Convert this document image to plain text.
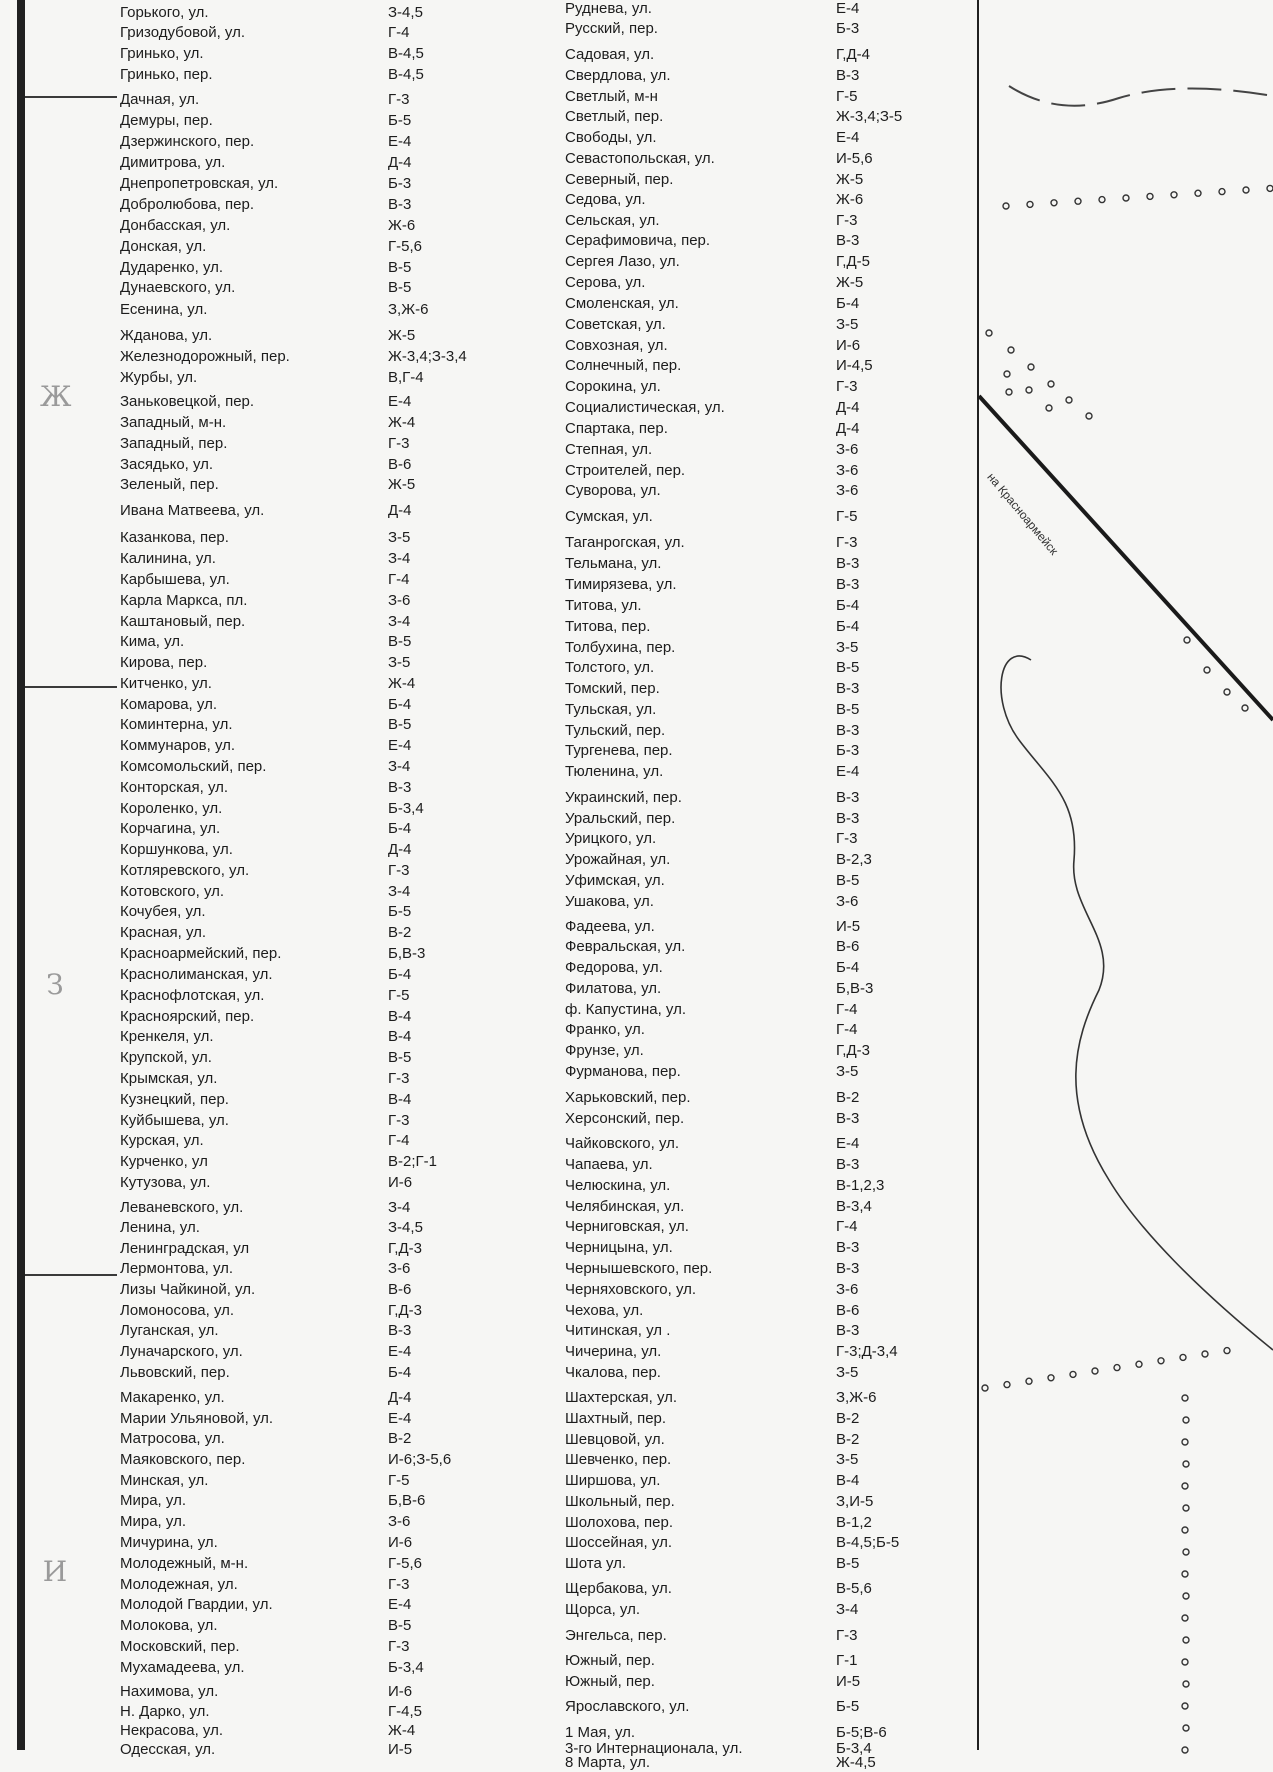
Ж
З
И
Горького, ул.	З-4,5
Гризодубовой, ул.	Г-4
Гринько, ул.	В-4,5
Гринько, пер.	В-4,5
Дачная, ул.	Г-3
Демуры, пер.	Б-5
Дзержинского, пер.	Е-4
Димитрова, ул.	Д-4
Днепропетровская, ул.	Б-3
Добролюбова, пер.	В-3
Донбасская, ул.	Ж-6
Донская, ул.	Г-5,6
Дударенко, ул.	В-5
Дунаевского, ул.	В-5
Есенина, ул.	З,Ж-6
Жданова, ул.	Ж-5
Железнодорожный, пер.	Ж-3,4;З-3,4
Журбы, ул.	В,Г-4
Заньковецкой, пер.	Е-4
Западный, м-н.	Ж-4
Западный, пер.	Г-3
Засядько, ул.	В-6
Зеленый, пер.	Ж-5
Ивана Матвеева, ул.	Д-4
Казанкова, пер.	З-5
Калинина, ул.	З-4
Карбышева, ул.	Г-4
Карла Маркса, пл.	З-6
Каштановый, пер.	З-4
Кима, ул.	В-5
Кирова, пер.	З-5
Китченко, ул.	Ж-4
Комарова, ул.	Б-4
Коминтерна, ул.	В-5
Коммунаров, ул.	Е-4
Комсомольский, пер.	З-4
Конторская, ул.	В-3
Короленко, ул.	Б-3,4
Корчагина, ул.	Б-4
Коршункова, ул.	Д-4
Котляревского, ул.	Г-3
Котовского, ул.	З-4
Кочубея, ул.	Б-5
Красная, ул.	В-2
Красноармейский, пер.	Б,В-3
Краснолиманская, ул.	Б-4
Краснофлотская, ул.	Г-5
Красноярский, пер.	В-4
Кренкеля, ул.	В-4
Крупской, ул.	В-5
Крымская, ул.	Г-3
Кузнецкий, пер.	В-4
Куйбышева, ул.	Г-3
Курская, ул.	Г-4
Курченко, ул	В-2;Г-1
Кутузова, ул.	И-6
Леваневского, ул.	З-4
Ленина, ул.	З-4,5
Ленинградская, ул	Г,Д-3
Лермонтова, ул.	З-6
Лизы Чайкиной, ул.	В-6
Ломоносова, ул.	Г,Д-3
Луганская, ул.	В-3
Луначарского, ул.	Е-4
Львовский, пер.	Б-4
Макаренко, ул.	Д-4
Марии Ульяновой, ул.	Е-4
Матросова, ул.	В-2
Маяковского, пер.	И-6;З-5,6
Минская, ул.	Г-5
Мира, ул.	Б,В-6
Мира, ул.	З-6
Мичурина, ул.	И-6
Молодежный, м-н.	Г-5,6
Молодежная, ул.	Г-3
Молодой Гвардии, ул.	Е-4
Молокова, ул.	В-5
Московский, пер.	Г-3
Мухамадеева, ул.	Б-3,4
Нахимова, ул.	И-6
Н. Дарко, ул.	Г-4,5
Некрасова, ул.	Ж-4
Одесская, ул.	И-5
Руднева, ул.	Е-4
Русский, пер.	Б-3
Садовая, ул.	Г,Д-4
Свердлова, ул.	В-3
Светлый, м-н	Г-5
Светлый, пер.	Ж-3,4;З-5
Свободы, ул.	Е-4
Севастопольская, ул.	И-5,6
Северный, пер.	Ж-5
Седова, ул.	Ж-6
Сельская, ул.	Г-3
Серафимовича, пер.	В-3
Сергея Лазо, ул.	Г,Д-5
Серова, ул.	Ж-5
Смоленская, ул.	Б-4
Советская, ул.	З-5
Совхозная, ул.	И-6
Солнечный, пер.	И-4,5
Сорокина, ул.	Г-3
Социалистическая, ул.	Д-4
Спартака, пер.	Д-4
Степная, ул.	З-6
Строителей, пер.	З-6
Суворова, ул.	З-6
Сумская, ул.	Г-5
Таганрогская, ул.	Г-3
Тельмана, ул.	В-3
Тимирязева, ул.	В-3
Титова, ул.	Б-4
Титова, пер.	Б-4
Толбухина, пер.	З-5
Толстого, ул.	В-5
Томский, пер.	В-3
Тульская, ул.	В-5
Тульский, пер.	В-3
Тургенева, пер.	Б-3
Тюленина, ул.	Е-4
Украинский, пер.	В-3
Уральский, пер.	В-3
Урицкого, ул.	Г-3
Урожайная, ул.	В-2,3
Уфимская, ул.	В-5
Ушакова, ул.	З-6
Фадеева, ул.	И-5
Февральская, ул.	В-6
Федорова, ул.	Б-4
Филатова, ул.	Б,В-3
ф. Капустина, ул.	Г-4
Франко, ул.	Г-4
Фрунзе, ул.	Г,Д-3
Фурманова, пер.	З-5
Харьковский, пер.	В-2
Херсонский, пер.	В-3
Чайковского, ул.	Е-4
Чапаева, ул.	В-3
Челюскина, ул.	В-1,2,3
Челябинская, ул.	В-3,4
Черниговская, ул.	Г-4
Черницына, ул.	В-3
Чернышевского, пер.	В-3
Черняховского, ул.	З-6
Чехова, ул.	В-6
Читинская, ул .	В-3
Чичерина, ул.	Г-3;Д-3,4
Чкалова, пер.	З-5
Шахтерская, ул.	З,Ж-6
Шахтный, пер.	В-2
Шевцовой, ул.	В-2
Шевченко, пер.	З-5
Ширшова, ул.	В-4
Школьный, пер.	З,И-5
Шолохова, пер.	В-1,2
Шоссейная, ул.	В-4,5;Б-5
Шота ул.	В-5
Щербакова, ул.	В-5,6
Щорса, ул.	З-4
Энгельса, пер.	Г-3
Южный, пер.	Г-1
Южный, пер.	И-5
Ярославского, ул.	Б-5
1 Мая, ул.	Б-5;В-6
3-го Интернационала, ул.	Б-3,4
8 Марта, ул.	Ж-4,5
на Красноармейск
